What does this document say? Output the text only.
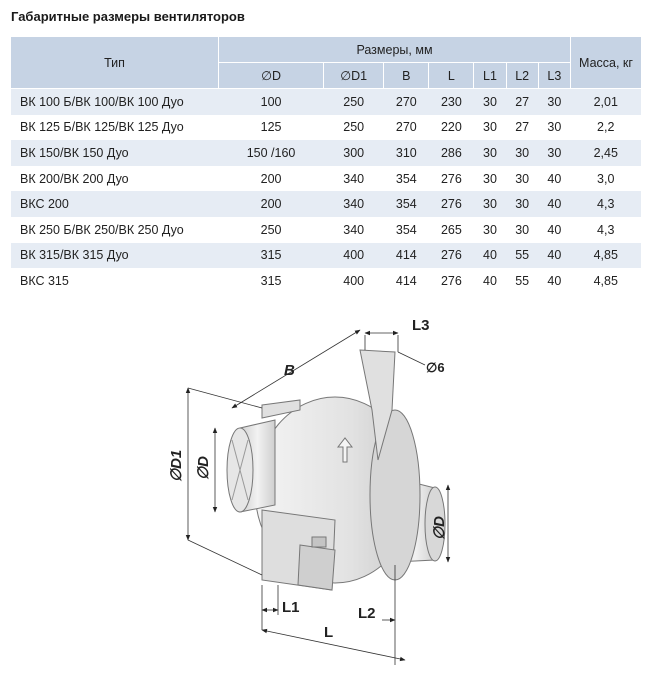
Габаритные размеры вентиляторов
Тип	Размеры, мм							Масса, кг
	∅D	∅D1	B	L	L1	L2	L3	
ВК 100 Б/ВК 100/ВК 100 Дуо	100	250	270	230	30	27	30	2,01
ВК 125 Б/ВК 125/ВК 125 Дуо	125	250	270	220	30	27	30	2,2
ВК 150/ВК 150 Дуо	150 /160	300	310	286	30	30	30	2,45
ВК 200/ВК 200 Дуо	200	340	354	276	30	30	40	3,0
ВКС 200	200	340	354	276	30	30	40	4,3
ВК 250 Б/ВК 250/ВК 250 Дуо	250	340	354	265	30	30	40	4,3
ВК 315/ВК 315 Дуо	315	400	414	276	40	55	40	4,85
ВКС 315	315	400	414	276	40	55	40	4,85
L3
B	∅6
∅D1 ∅D
∅D
L1	L2
L
